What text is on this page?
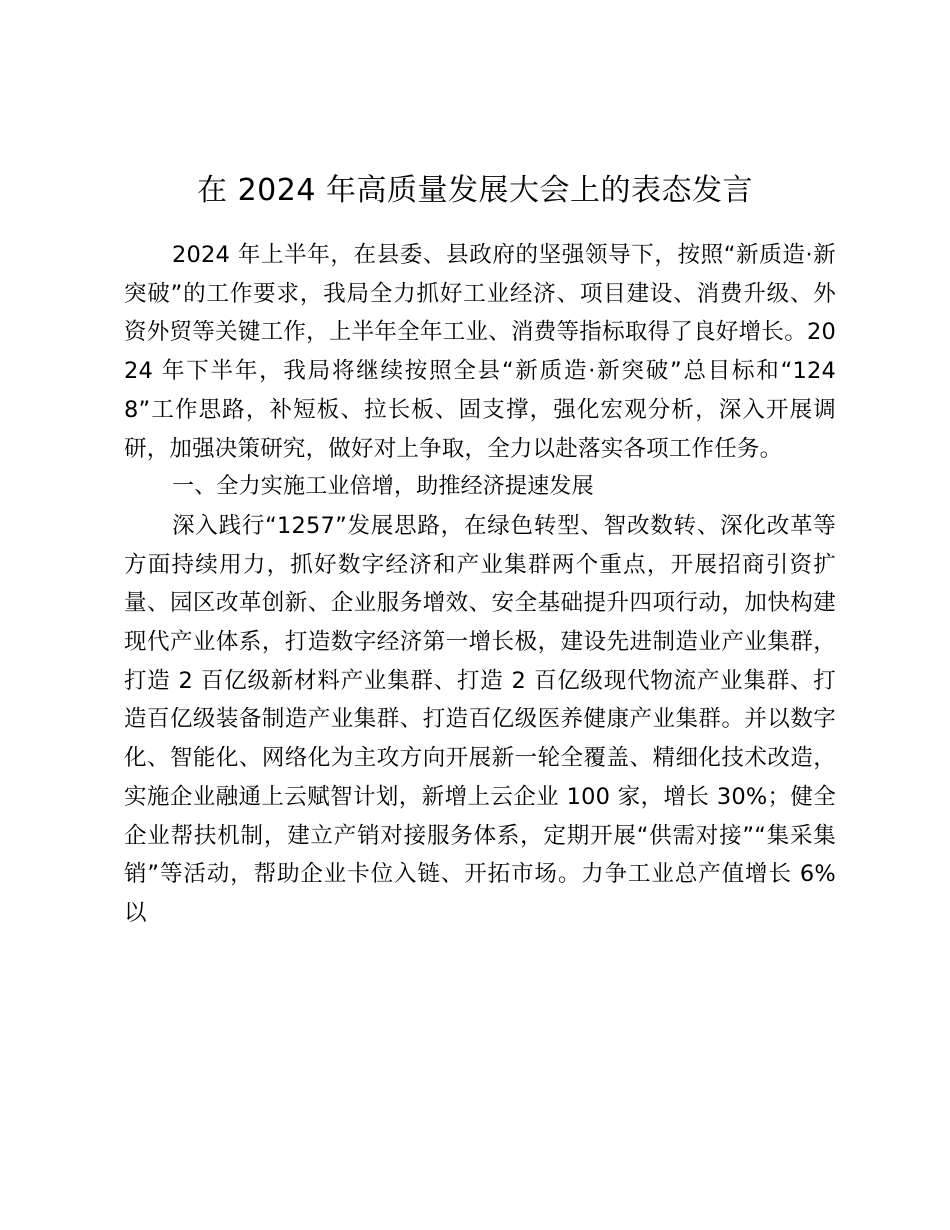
在 2024 年高质量发展大会上的表态发言

2024 年上半年，在县委、县政府的坚强领导下，按照“新质造·新突破”的工作要求，我局全力抓好工业经济、项目建设、消费升级、外资外贸等关键工作，上半年全年工业、消费等指标取得了良好增长。2024 年下半年，我局将继续按照全县“新质造·新突破”总目标和“1248”工作思路，补短板、拉长板、固支撑，强化宏观分析，深入开展调研，加强决策研究，做好对上争取，全力以赴落实各项工作任务。

一、全力实施工业倍增，助推经济提速发展

深入践行“1257”发展思路，在绿色转型、智改数转、深化改革等方面持续用力，抓好数字经济和产业集群两个重点，开展招商引资扩量、园区改革创新、企业服务增效、安全基础提升四项行动，加快构建现代产业体系，打造数字经济第一增长极，建设先进制造业产业集群，打造 2 百亿级新材料产业集群、打造 2 百亿级现代物流产业集群、打造百亿级装备制造产业集群、打造百亿级医养健康产业集群。并以数字化、智能化、网络化为主攻方向开展新一轮全覆盖、精细化技术改造，实施企业融通上云赋智计划，新增上云企业 100 家，增长 30%；健全企业帮扶机制，建立产销对接服务体系，定期开展“供需对接”“集采集销”等活动，帮助企业卡位入链、开拓市场。力争工业总产值增长 6%以
